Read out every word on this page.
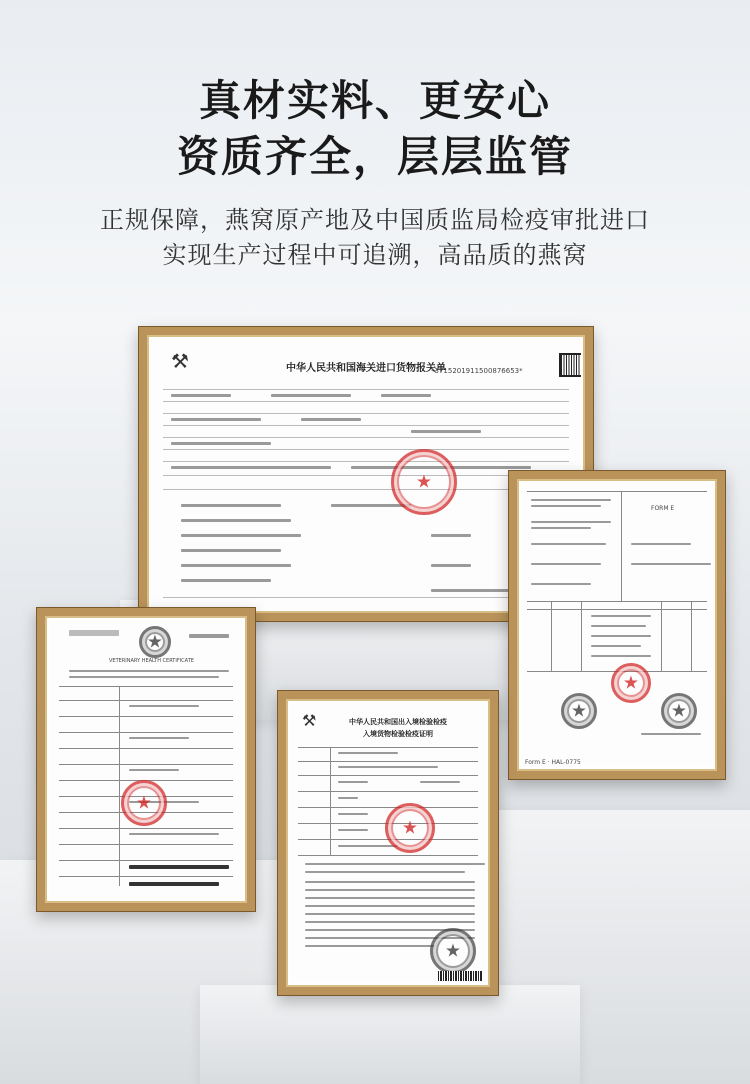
真材实料、更安心
资质齐全，层层监管
正规保障，燕窝原产地及中国质监局检疫审批进口
实现生产过程中可追溯，高品质的燕窝
⚒	中华人民共和国海关进口货物报关单
*3715201911500876653*
★
FORM E
★
★
★
Form E · HAL-0775
★
VETERINARY HEALTH CERTIFICATE
★
⚒	中华人民共和国出入境检验检疫
入境货物检验检疫证明
★
★
